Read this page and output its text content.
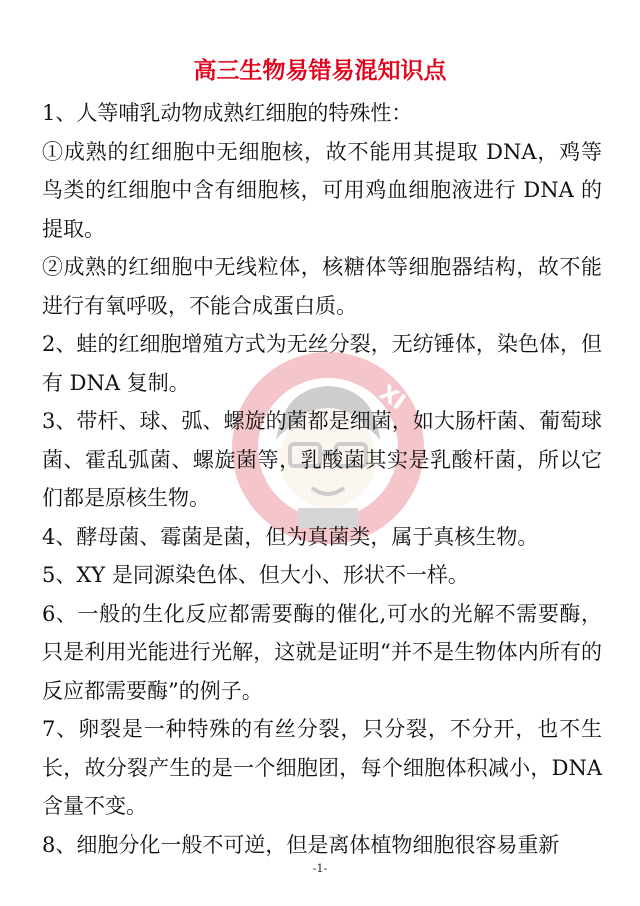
XI
高三生物易错易混知识点

1、人等哺乳动物成熟红细胞的特殊性：

①成熟的红细胞中无细胞核，故不能用其提取 DNA，鸡等鸟类的红细胞中含有细胞核，可用鸡血细胞液进行 DNA 的提取。

②成熟的红细胞中无线粒体，核糖体等细胞器结构，故不能进行有氧呼吸，不能合成蛋白质。

2、蛙的红细胞增殖方式为无丝分裂，无纺锤体，染色体，但有 DNA 复制。

3、带杆、球、弧、螺旋的菌都是细菌，如大肠杆菌、葡萄球菌、霍乱弧菌、螺旋菌等，乳酸菌其实是乳酸杆菌，所以它们都是原核生物。

4、酵母菌、霉菌是菌，但为真菌类，属于真核生物。

5、XY 是同源染色体、但大小、形状不一样。

6、一般的生化反应都需要酶的催化,可水的光解不需要酶，只是利用光能进行光解，这就是证明“并不是生物体内所有的反应都需要酶”的例子。

7、卵裂是一种特殊的有丝分裂，只分裂，不分开，也不生长，故分裂产生的是一个细胞团，每个细胞体积减小，DNA 含量不变。

8、细胞分化一般不可逆，但是离体植物细胞很容易重新

-1-
